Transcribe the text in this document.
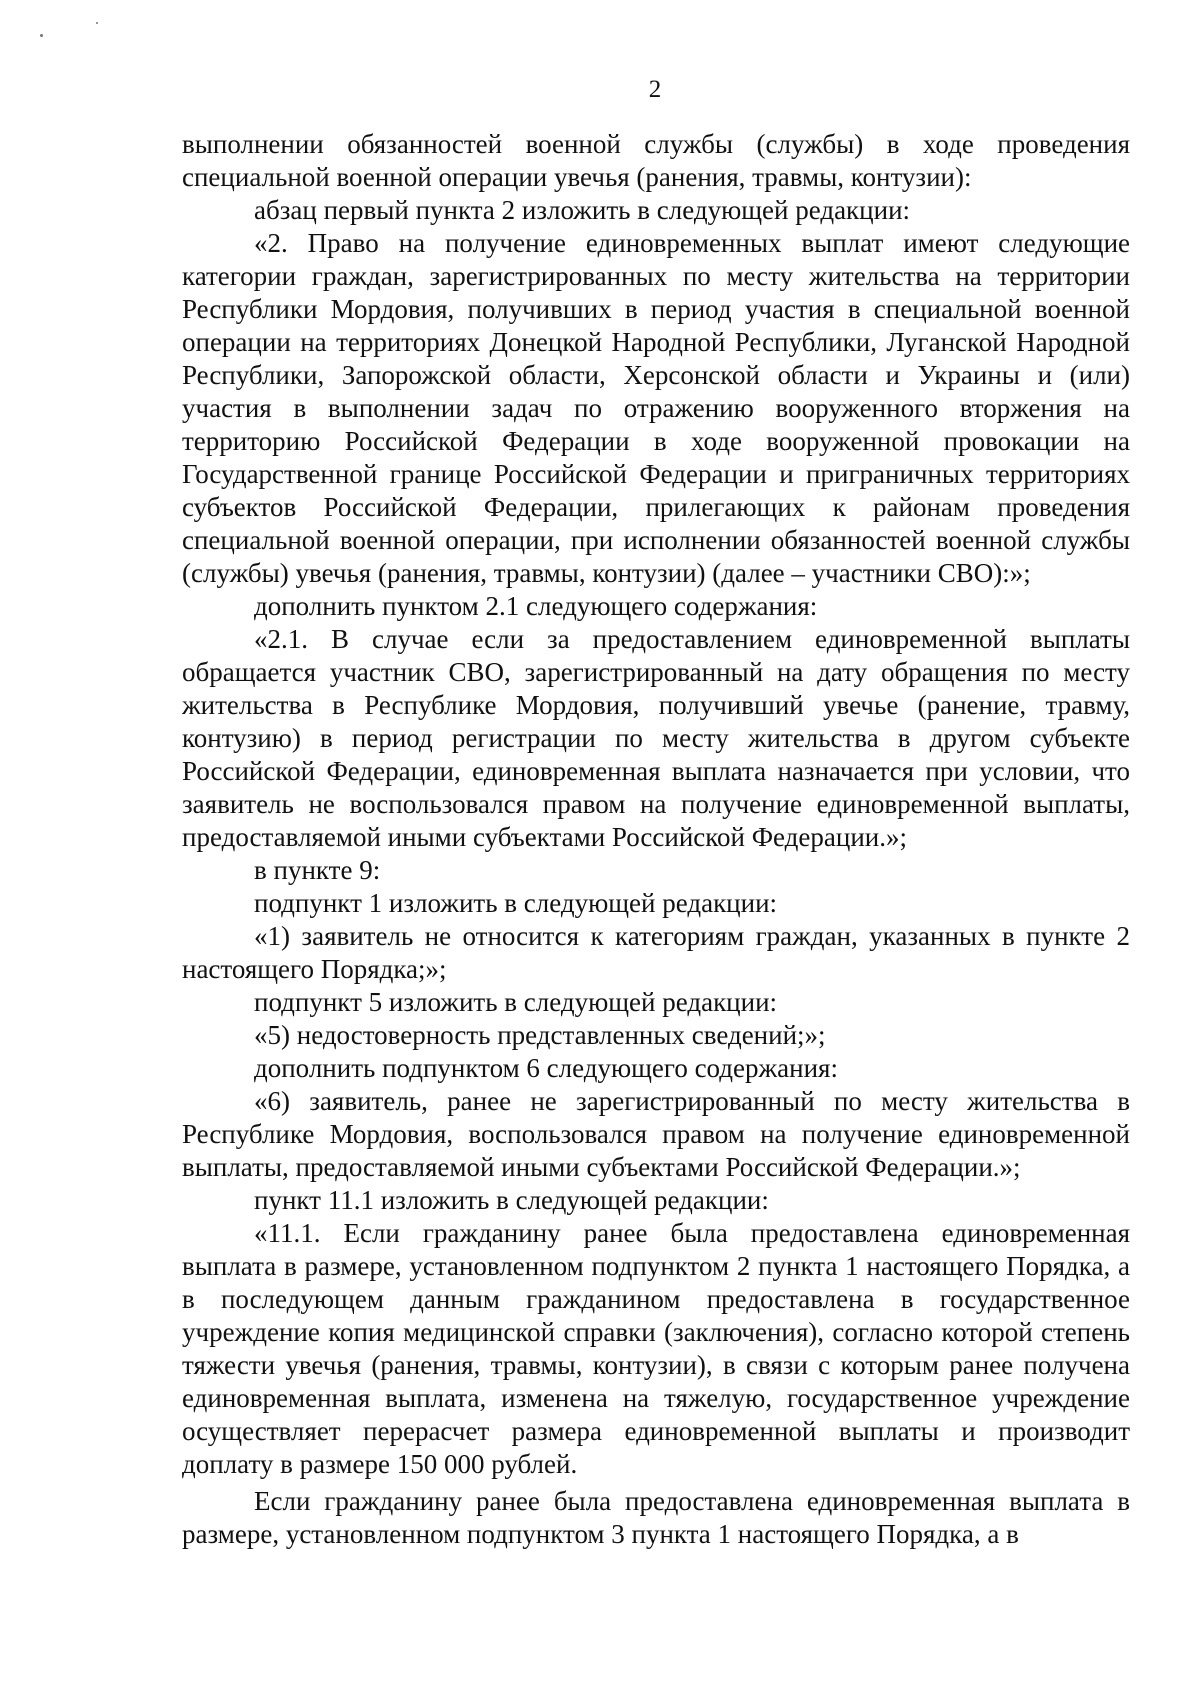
2

выполнении обязанностей военной службы (службы) в ходе проведения специальной военной операции увечья (ранения, травмы, контузии):

абзац первый пункта 2 изложить в следующей редакции:

«2. Право на получение единовременных выплат имеют следующие категории граждан, зарегистрированных по месту жительства на территории Республики Мордовия, получивших в период участия в специальной военной операции на территориях Донецкой Народной Республики, Луганской Народной Республики, Запорожской области, Херсонской области и Украины и (или) участия в выполнении задач по отражению вооруженного вторжения на территорию Российской Федерации в ходе вооруженной провокации на Государственной границе Российской Федерации и приграничных территориях субъектов Российской Федерации, прилегающих к районам проведения специальной военной операции, при исполнении обязанностей военной службы (службы) увечья (ранения, травмы, контузии) (далее – участники СВО):»;

дополнить пунктом 2.1 следующего содержания:

«2.1. В случае если за предоставлением единовременной выплаты обращается участник СВО, зарегистрированный на дату обращения по месту жительства в Республике Мордовия, получивший увечье (ранение, травму, контузию) в период регистрации по месту жительства в другом субъекте Российской Федерации, единовременная выплата назначается при условии, что заявитель не воспользовался правом на получение единовременной выплаты, предоставляемой иными субъектами Российской Федерации.»;

в пункте 9:

подпункт 1 изложить в следующей редакции:

«1) заявитель не относится к категориям граждан, указанных в пункте 2 настоящего Порядка;»;

подпункт 5 изложить в следующей редакции:

«5) недостоверность представленных сведений;»;

дополнить подпунктом 6 следующего содержания:

«6) заявитель, ранее не зарегистрированный по месту жительства в Республике Мордовия, воспользовался правом на получение единовременной выплаты, предоставляемой иными субъектами Российской Федерации.»;

пункт 11.1 изложить в следующей редакции:

«11.1. Если гражданину ранее была предоставлена единовременная выплата в размере, установленном подпунктом 2 пункта 1 настоящего Порядка, а в последующем данным гражданином предоставлена в государственное учреждение копия медицинской справки (заключения), согласно которой степень тяжести увечья (ранения, травмы, контузии), в связи с которым ранее получена единовременная выплата, изменена на тяжелую, государственное учреждение осуществляет перерасчет размера единовременной выплаты и производит доплату в размере 150 000 рублей.

Если гражданину ранее была предоставлена единовременная выплата в размере, установленном подпунктом 3 пункта 1 настоящего Порядка, а в
